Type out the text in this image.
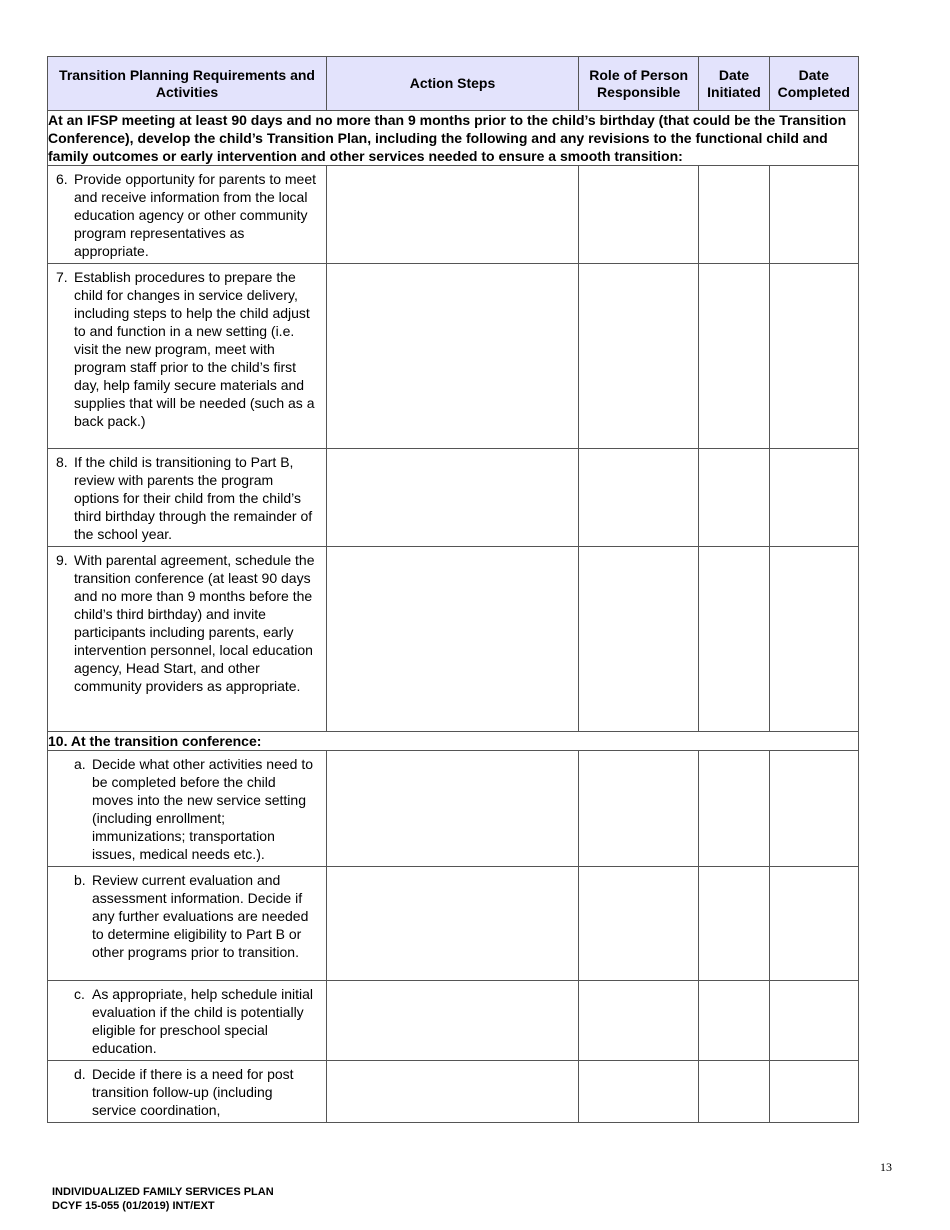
Transition Planning Requirements and Activities	Action Steps	Role of Person Responsible	Date Initiated	Date Completed
At an IFSP meeting at least 90 days and no more than 9 months prior to the child’s birthday (that could be the Transition Conference), develop the child’s Transition Plan, including the following and any revisions to the functional child and family outcomes or early intervention and other services needed to ensure a smooth transition:				

6. Provide opportunity for parents to meet and receive information from the local education agency or other community program representatives as appropriate.				

7. Establish procedures to prepare the child for changes in service delivery, including steps to help the child adjust to and function in a new setting (i.e. visit the new program, meet with program staff prior to the child’s first day, help family secure materials and supplies that will be needed (such as a back pack.)				

8. If the child is transitioning to Part B, review with parents the program options for their child from the child’s third birthday through the remainder of the school year.				

9. With parental agreement, schedule the transition conference (at least 90 days and no more than 9 months before the child’s third birthday) and invite participants including parents, early intervention personnel, local education agency, Head Start, and other community providers as appropriate.				

10. At the transition conference:				

a. Decide what other activities need to be completed before the child moves into the new service setting (including enrollment; immunizations; transportation issues, medical needs etc.).				

b. Review current evaluation and assessment information. Decide if any further evaluations are needed to determine eligibility to Part B or other programs prior to transition.				

c. As appropriate, help schedule initial evaluation if the child is potentially eligible for preschool special education.				

d. Decide if there is a need for post transition follow-up (including service coordination,				

13
INDIVIDUALIZED FAMILY SERVICES PLAN
DCYF 15-055 (01/2019) INT/EXT
